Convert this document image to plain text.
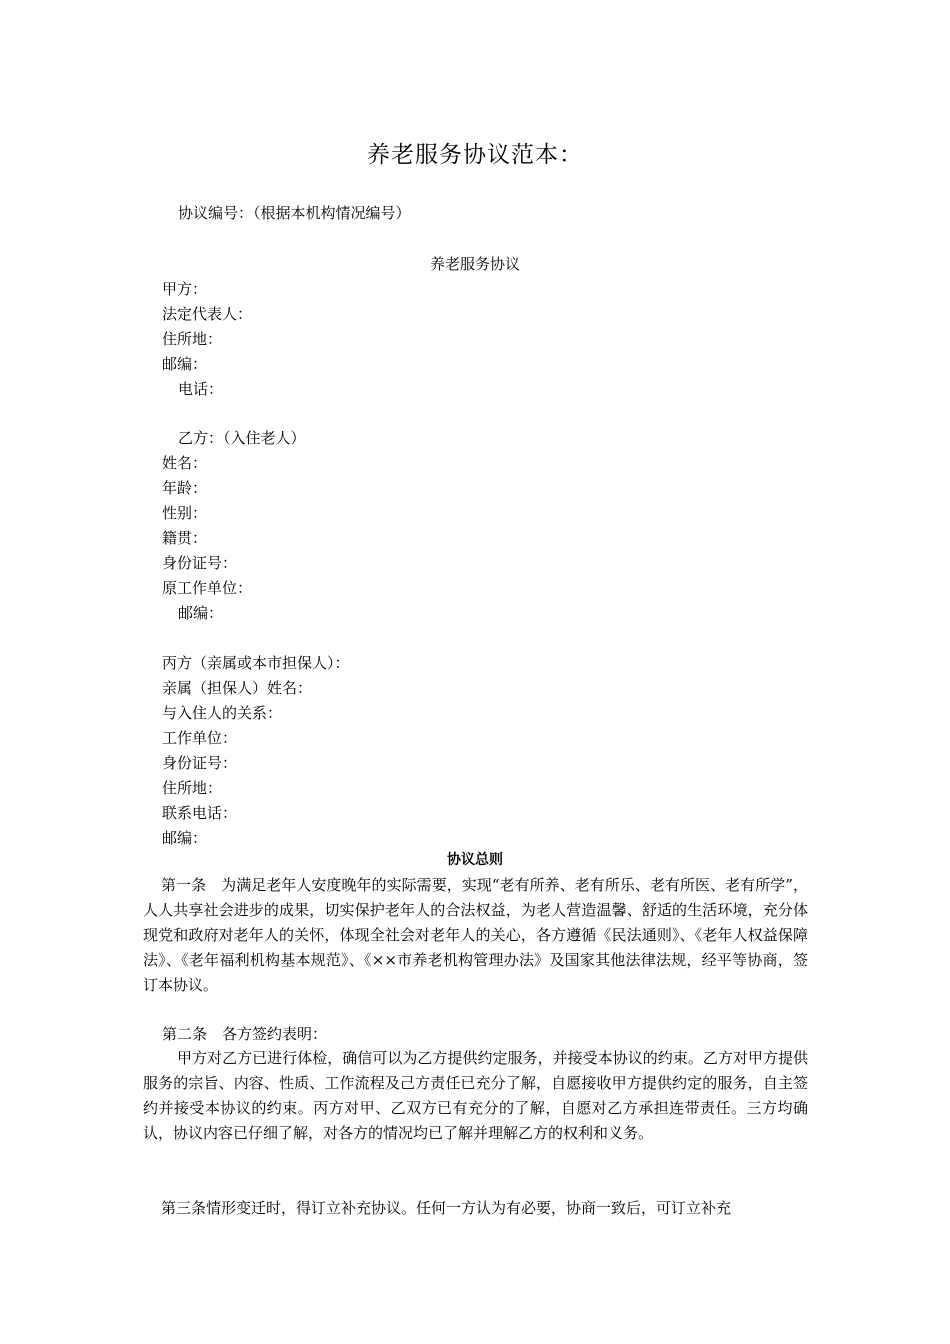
养老服务协议范本：
协议编号：（根据本机构情况编号）
养老服务协议
甲方：
法定代表人：
住所地：
邮编：
电话：
乙方：（入住老人）
姓名：
年龄：
性别：
籍贯：
身份证号：
原工作单位：
邮编：
丙方（亲属或本市担保人）：
亲属（担保人）姓名：
与入住人的关系：
工作单位：
身份证号：
住所地：
联系电话：
邮编：
协议总则
第一条　为满足老年人安度晚年的实际需要，实现“老有所养、老有所乐、老有所医、老有所学”，人人共享社会进步的成果，切实保护老年人的合法权益，为老人营造温馨、舒适的生活环境，充分体现党和政府对老年人的关怀，体现全社会对老年人的关心，各方遵循《民法通则》、《老年人权益保障法》、《老年福利机构基本规范》、《××市养老机构管理办法》及国家其他法律法规，经平等协商，签订本协议。
第二条　各方签约表明：
甲方对乙方已进行体检，确信可以为乙方提供约定服务，并接受本协议的约束。乙方对甲方提供服务的宗旨、内容、性质、工作流程及己方责任已充分了解，自愿接收甲方提供约定的服务，自主签约并接受本协议的约束。丙方对甲、乙双方已有充分的了解，自愿对乙方承担连带责任。三方均确认，协议内容已仔细了解，对各方的情况均已了解并理解乙方的权利和义务。
第三条情形变迁时，得订立补充协议。任何一方认为有必要，协商一致后，可订立补充
